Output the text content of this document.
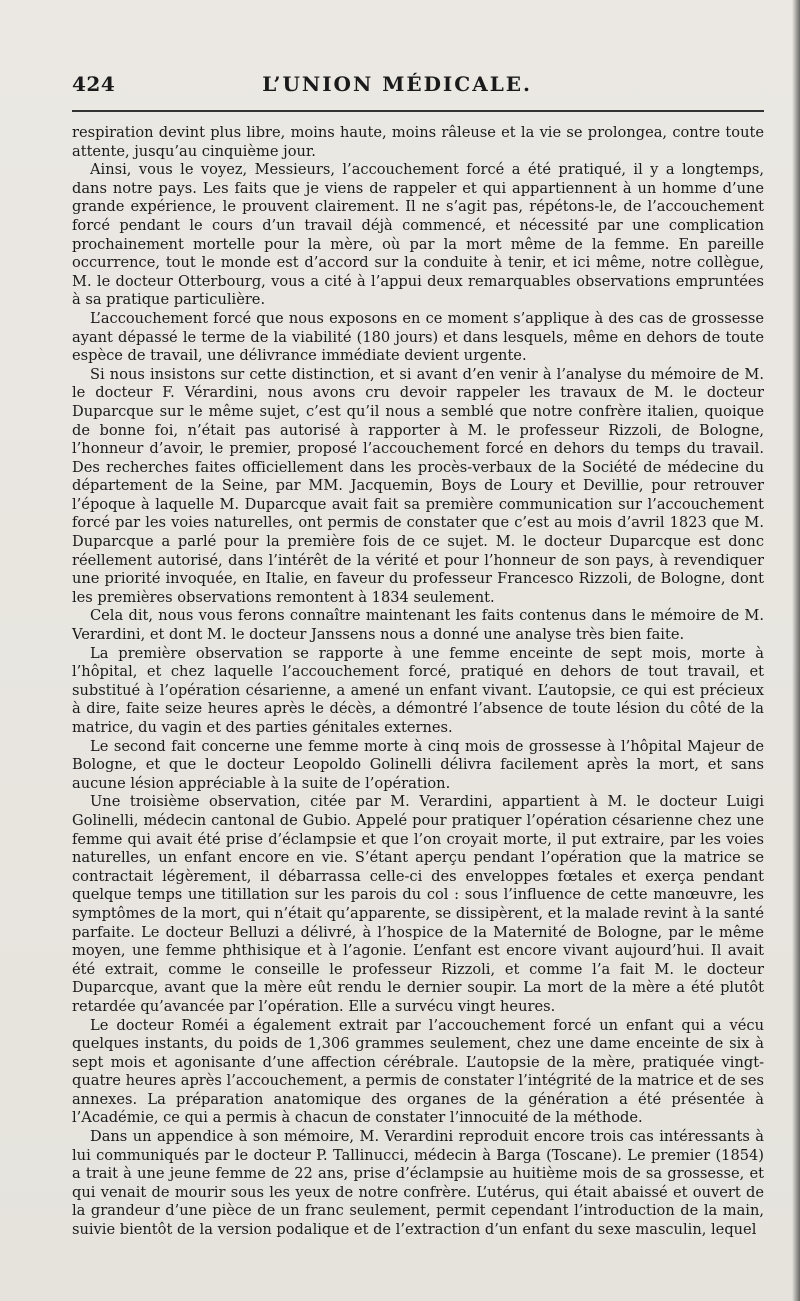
424	L’UNION MÉDICALE.

respiration devint plus libre, moins haute, moins râleuse et la vie se prolongea, contre toute attente, jusqu’au cinquième jour.

Ainsi, vous le voyez, Messieurs, l’accouchement forcé a été pratiqué, il y a longtemps, dans notre pays. Les faits que je viens de rappeler et qui appartiennent à un homme d’une grande expérience, le prouvent clairement. Il ne s’agit pas, répétons-le, de l’accouchement forcé pendant le cours d’un travail déjà commencé, et nécessité par une complication prochainement mortelle pour la mère, où par la mort même de la femme. En pareille occurrence, tout le monde est d’accord sur la conduite à tenir, et ici même, notre collègue, M. le docteur Otterbourg, vous a cité à l’appui deux remarquables observations empruntées à sa pratique particulière.

L’accouchement forcé que nous exposons en ce moment s’applique à des cas de grossesse ayant dépassé le terme de la viabilité (180 jours) et dans lesquels, même en dehors de toute espèce de travail, une délivrance immédiate devient urgente.

Si nous insistons sur cette distinction, et si avant d’en venir à l’analyse du mémoire de M. le docteur F. Vérardini, nous avons cru devoir rappeler les travaux de M. le docteur Duparcque sur le même sujet, c’est qu’il nous a semblé que notre confrère italien, quoique de bonne foi, n’était pas autorisé à rapporter à M. le professeur Rizzoli, de Bologne, l’honneur d’avoir, le premier, proposé l’accouchement forcé en dehors du temps du travail. Des recherches faites officiellement dans les procès-verbaux de la Société de médecine du département de la Seine, par MM. Jacquemin, Boys de Loury et Devillie, pour retrouver l’époque à laquelle M. Duparcque avait fait sa première communication sur l’accouchement forcé par les voies naturelles, ont permis de constater que c’est au mois d’avril 1823 que M. Duparcque a parlé pour la première fois de ce sujet. M. le docteur Duparcque est donc réellement autorisé, dans l’intérêt de la vérité et pour l’honneur de son pays, à revendiquer une priorité invoquée, en Italie, en faveur du professeur Francesco Rizzoli, de Bologne, dont les premières observations remontent à 1834 seulement.

Cela dit, nous vous ferons connaître maintenant les faits contenus dans le mémoire de M. Verardini, et dont M. le docteur Janssens nous a donné une analyse très bien faite.

La première observation se rapporte à une femme enceinte de sept mois, morte à l’hôpital, et chez laquelle l’accouchement forcé, pratiqué en dehors de tout travail, et substitué à l’opération césarienne, a amené un enfant vivant. L’autopsie, ce qui est précieux à dire, faite seize heures après le décès, a démontré l’absence de toute lésion du côté de la matrice, du vagin et des parties génitales externes.

Le second fait concerne une femme morte à cinq mois de grossesse à l’hôpital Majeur de Bologne, et que le docteur Leopoldo Golinelli délivra facilement après la mort, et sans aucune lésion appréciable à la suite de l’opération.

Une troisième observation, citée par M. Verardini, appartient à M. le docteur Luigi Golinelli, médecin cantonal de Gubio. Appelé pour pratiquer l’opération césarienne chez une femme qui avait été prise d’éclampsie et que l’on croyait morte, il put extraire, par les voies naturelles, un enfant encore en vie. S’étant aperçu pendant l’opération que la matrice se contractait légèrement, il débarrassa celle-ci des enveloppes fœtales et exerça pendant quelque temps une titillation sur les parois du col : sous l’influence de cette manœuvre, les symptômes de la mort, qui n’était qu’apparente, se dissipèrent, et la malade revint à la santé parfaite. Le docteur Belluzi a délivré, à l’hospice de la Maternité de Bologne, par le même moyen, une femme phthisique et à l’agonie. L’enfant est encore vivant aujourd’hui. Il avait été extrait, comme le conseille le professeur Rizzoli, et comme l’a fait M. le docteur Duparcque, avant que la mère eût rendu le dernier soupir. La mort de la mère a été plutôt retardée qu’avancée par l’opération. Elle a survécu vingt heures.

Le docteur Roméi a également extrait par l’accouchement forcé un enfant qui a vécu quelques instants, du poids de 1,306 grammes seulement, chez une dame enceinte de six à sept mois et agonisante d’une affection cérébrale. L’autopsie de la mère, pratiquée vingt-quatre heures après l’accouchement, a permis de constater l’intégrité de la matrice et de ses annexes. La préparation anatomique des organes de la génération a été présentée à l’Académie, ce qui a permis à chacun de constater l’innocuité de la méthode.

Dans un appendice à son mémoire, M. Verardini reproduit encore trois cas intéressants à lui communiqués par le docteur P. Tallinucci, médecin à Barga (Toscane). Le premier (1854) a trait à une jeune femme de 22 ans, prise d’éclampsie au huitième mois de sa grossesse, et qui venait de mourir sous les yeux de notre confrère. L’utérus, qui était abaissé et ouvert de la grandeur d’une pièce de un franc seulement, permit cependant l’introduction de la main, suivie bientôt de la version podalique et de l’extraction d’un enfant du sexe masculin, lequel
